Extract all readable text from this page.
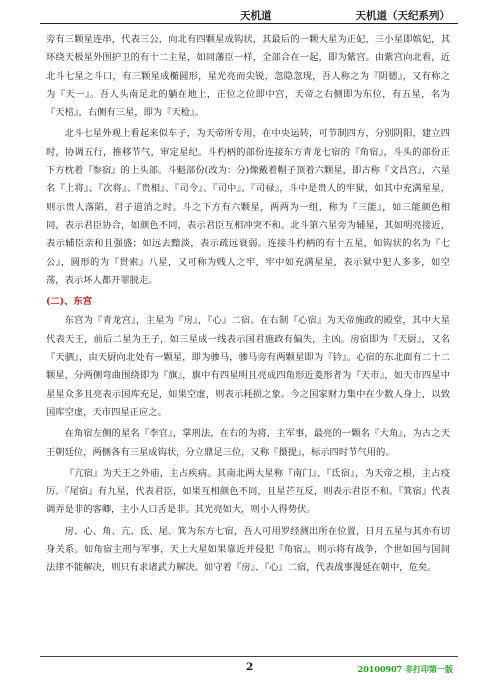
天机道	天机道（天纪系列）

旁有三颗星连串，代表三公，向北有四颗星成钩状，其最后的一颗大星为正妃，三小星即嫔妃，其环绕天极星外围护卫的有十二主星，如同藩臣一样，全部合在一起，即为紫宫。由紫宫向北看，近北斗七星之斗口，有三颗星成椭圆形，星光亮而尖锐，忽隐忽现，吾人称之为『阴德』，又有称之为『天一』。吾人头南足北的躺在地上，正位之位即中宫，天帝之右侧即为东位，有五星，名为『天棓』，右侧有三星，即为『天枪』。

北斗七星外观上看起来似车子，为天帝所专用，在中央运转，可节制四方，分别阴阳，建立四时，协调五行，推移节气，审定星纪。斗杓柄的部份连接东方青龙七宿的『角宿』，斗头的部份正下方枕着『参宿』的上头部。斗魁部份(改为：分)像戴着帽子顶着六颗星，即古称『文昌宫』，六星名『上将』、『次将』、『贵相』、『司令』、『司中』、『司禄』，斗中是贵人的牢狱，如其中充满星星，则示贵人落陷，君子道消之时。斗之下方有六颗星，两两为一组，称为『三能』，如三能颜色相同，表示君臣协合，如颜色不同，表示君臣互相冲突不和。北斗第六星旁为辅星，其如明亮接近，表示辅臣亲和且强盛；如远去黯淡，表示疏远衰弱。连接斗杓柄的有十五星，如钩状的名为『七公』，圆形的为『贯索』八星，又可称为贱人之牢，牢中如充满星星，表示狱中犯人多多，如空荡，表示坏人都开罪脱走。

(二)、东宫

东宫为『青龙宫』，主星为『房』，『心』二宿。在右制『心宿』为天帝施政的殿堂，其中大星代表天王，前后二星为王子，如三星成一线表示国君施政有偏失，主凶。房宿即为『天厨』，又名『天驷』，由天厨向北处有一颗星，即为骖马，骖马旁有两颗星即为『钤』。心宿的东北面有二十二颗星，分两侧弯曲围绕即为『旗』，旗中有四星明且亮成四角形近菱形者为『天市』，如天市四星中星星众多且亮表示国库充足，如果空虚，则表示耗损之象。今之国家财力集中在少数人身上，以致国库空虚，天市四星正应之。

在角宿左侧的星名『李官』，掌刑法，在右的为将，主军事，最亮的一颗名『大角』，为古之天王朝廷位，两侧各有三星成钩状，分立鼎足三位，又称『摄提』，标示四时节气用的。

『亢宿』为天王之外庙，主占疾病。其南北两大星称『南门』、『氐宿』，为天帝之根，主占疫厉。『尾宿』有九星，代表君臣，如果互相颜色不同，且星芒互反，则表示君臣不和。『箕宿』代表调弄是非的客卿，主小人口舌是非。其光亮如大，则小人得势伏。

房、心、角、亢、氐、尾、箕为东方七宿，吾人可用罗经测出所在位置，日月五星与其亦有切身关系。如角宿主刑与军事，天上大星如果靠近并侵犯『角宿』，则示将有战争，个世如国与国间法律不能解决，则只有求诸武力解决。如守着『房』、『心』二宿，代表战事漫延在朝中，危矣。

2	20100907 非打印第一版
